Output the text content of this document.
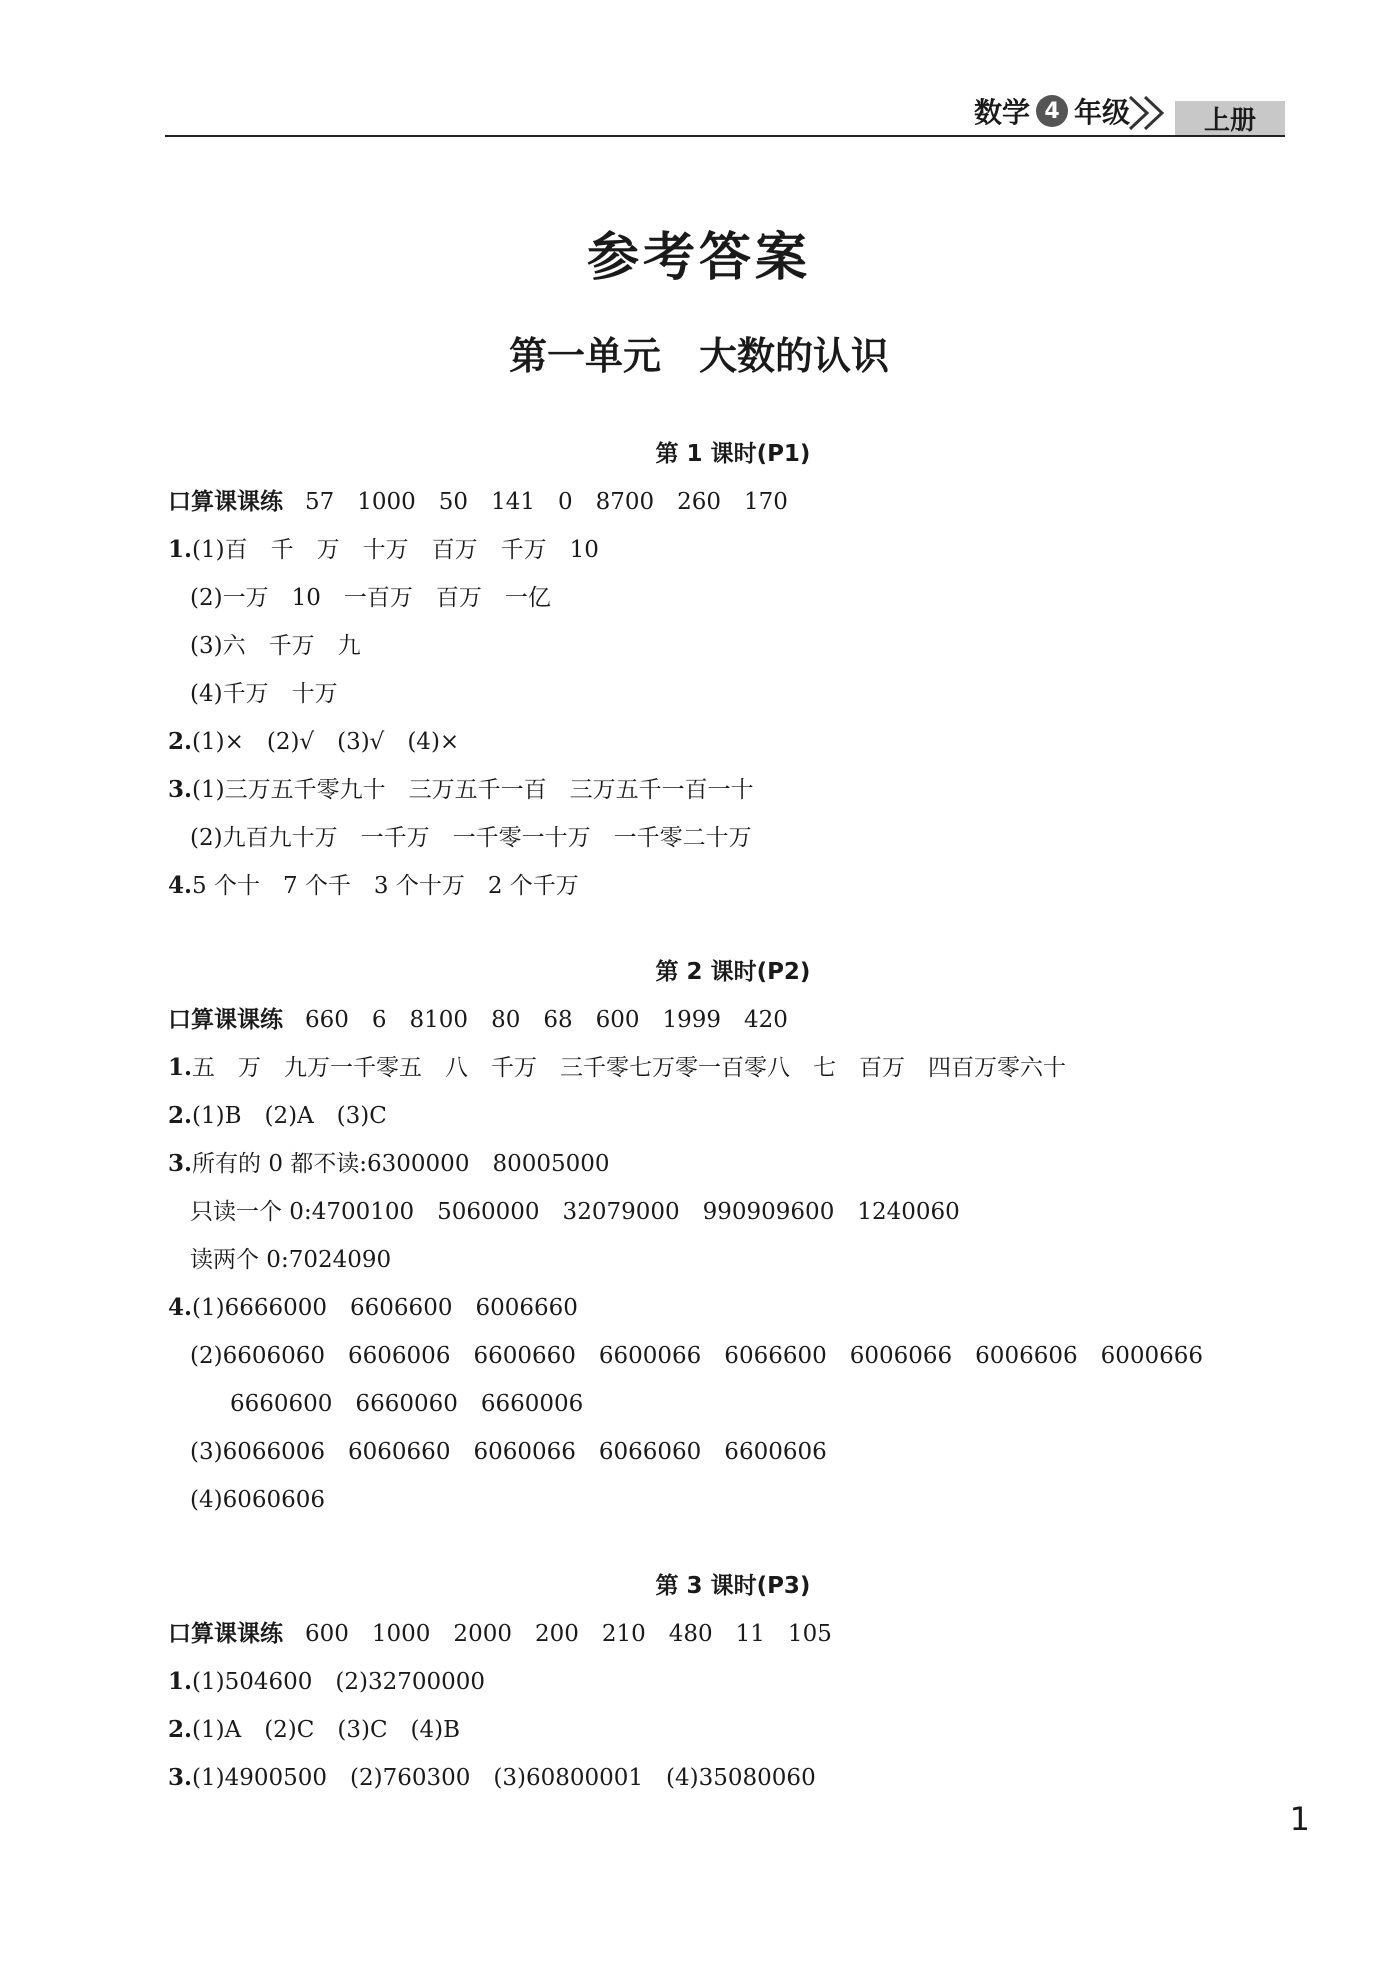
数学 4 年级	上册
参考答案
第一单元　大数的认识
第 1 课时(P1)
口算课课练 57　1000　50　141　0　8700　260　170
1.(1)百　千　万　十万　百万　千万　10
(2)一万　10　一百万　百万　一亿
(3)六　千万　九
(4)千万　十万
2.(1)×　(2)√　(3)√　(4)×
3.(1)三万五千零九十　三万五千一百　三万五千一百一十
(2)九百九十万　一千万　一千零一十万　一千零二十万
4.5 个十　7 个千　3 个十万　2 个千万
第 2 课时(P2)
口算课课练 660　6　8100　80　68　600　1999　420
1.五　万　九万一千零五　八　千万　三千零七万零一百零八　七　百万　四百万零六十
2.(1)B　(2)A　(3)C
3.所有的 0 都不读:6300000　80005000
只读一个 0:4700100　5060000　32079000　990909600　1240060
读两个 0:7024090
4.(1)6666000　6606600　6006660
(2)6606060　6606006　6600660　6600066　6066600　6006066　6006606　6000666
6660600　6660060　6660006
(3)6066006　6060660　6060066　6066060　6600606
(4)6060606
第 3 课时(P3)
口算课课练 600　1000　2000　200　210　480　11　105
1.(1)504600　(2)32700000
2.(1)A　(2)C　(3)C　(4)B
3.(1)4900500　(2)760300　(3)60800001　(4)35080060
1
